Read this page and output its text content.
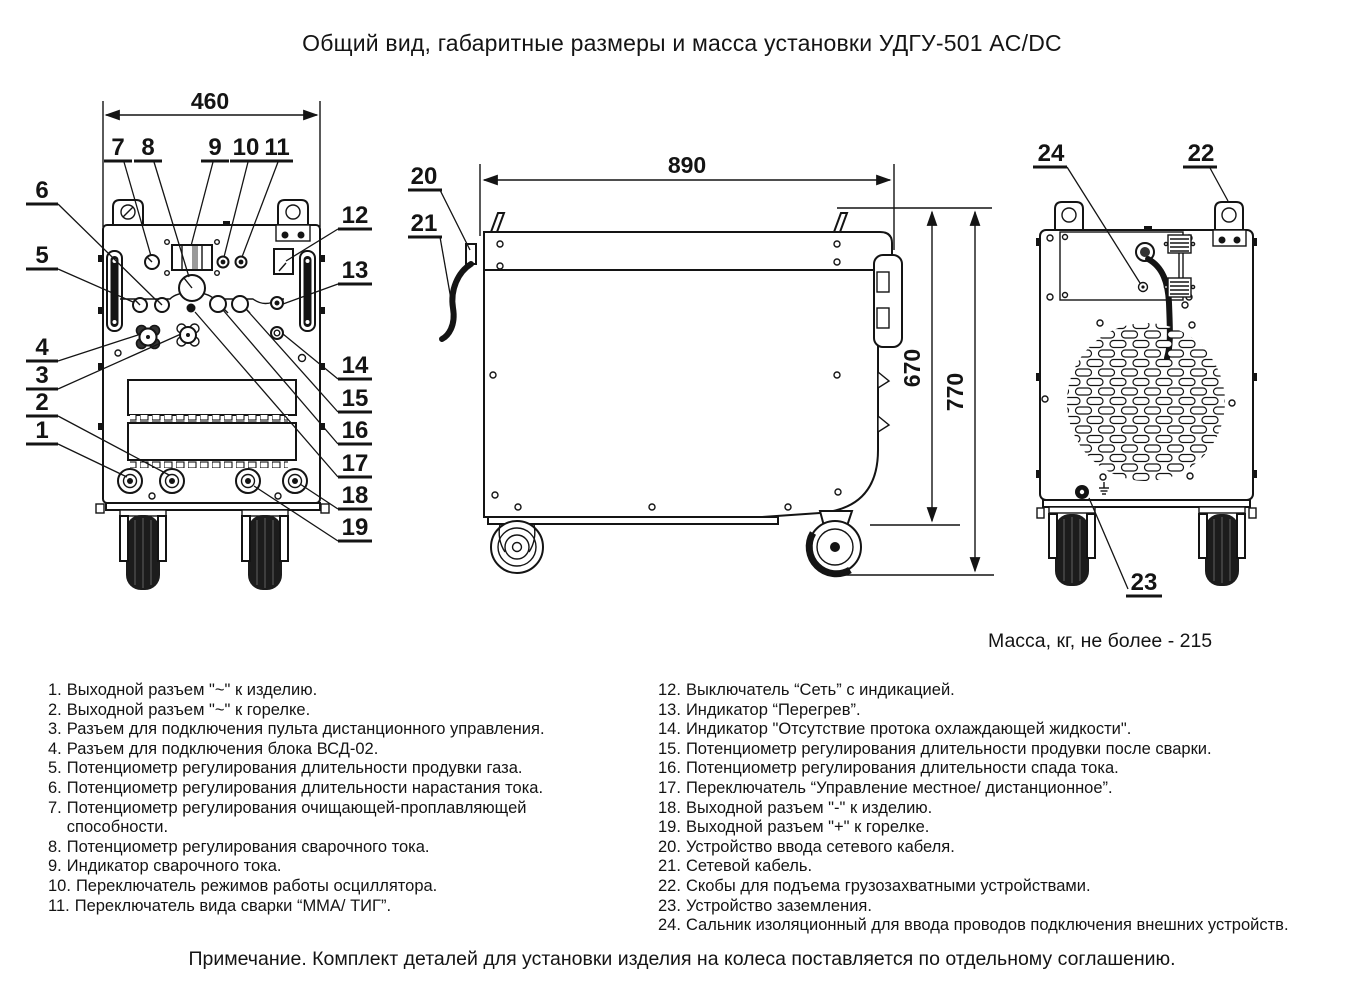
Общий вид, габаритные размеры и масса установки УДГУ-501 AC/DC
460
7 8 9 10 11
6
5
4
3
2
1
12
13
14
15
16
17
18
19
890
670
770
20
21
24	22
23
Масса, кг, не более - 215
1. Выходной разъем "~" к изделию.
2. Выходной разъем "~" к горелке.
3. Разъем для подключения пульта дистанционного управления.
4. Разъем для подключения блока ВСД-02.
5. Потенциометр регулирования длительности продувки газа.
6. Потенциометр регулирования длительности нарастания тока.
7. Потенциометр регулирования очищающей-проплавляющей способности.
8. Потенциометр регулирования сварочного тока.
9. Индикатор сварочного тока.
10. Переключатель режимов работы осциллятора.
11. Переключатель вида сварки “ММА/ ТИГ”.
12. Выключатель “Сеть” с индикацией.
13. Индикатор “Перегрев”.
14. Индикатор "Отсутствие протока охлаждающей жидкости".
15. Потенциометр регулирования длительности продувки после сварки.
16. Потенциометр регулирования длительности спада тока.
17. Переключатель “Управление местное/ дистанционное”.
18. Выходной разъем "-" к изделию.
19. Выходной разъем "+" к горелке.
20. Устройство ввода сетевого кабеля.
21. Сетевой кабель.
22. Скобы для подъема грузозахватными устройствами.
23. Устройство заземления.
24. Сальник изоляционный для ввода проводов подключения внешних устройств.
Примечание. Комплект деталей для установки изделия на колеса поставляется по отдельному соглашению.
